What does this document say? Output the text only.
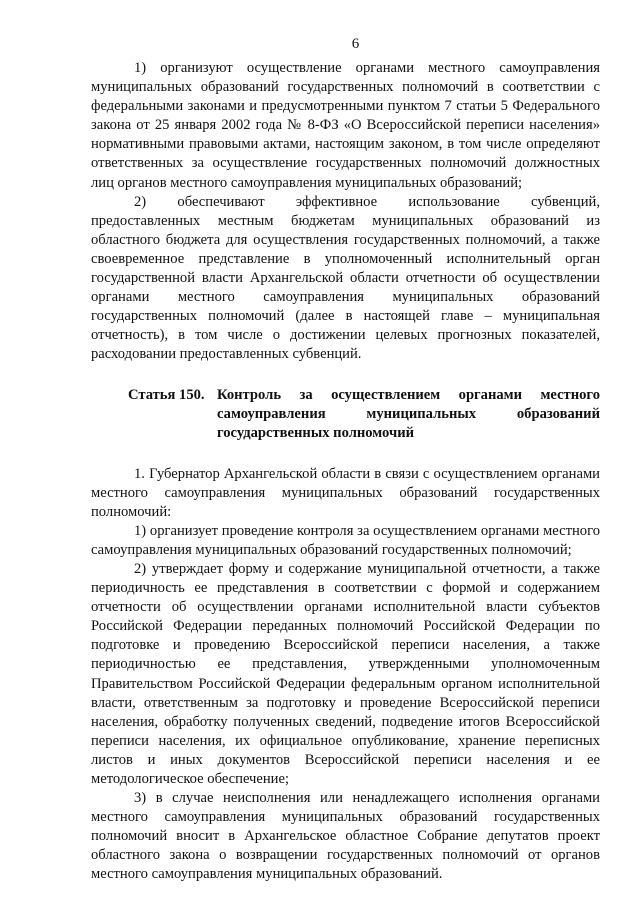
6

1) организуют осуществление органами местного самоуправления муниципальных образований государственных полномочий в соответствии с федеральными законами и предусмотренными пунктом 7 статьи 5 Федерального закона от 25 января 2002 года № 8-ФЗ «О Всероссийской переписи населения» нормативными правовыми актами, настоящим законом, в том числе определяют ответственных за осуществление государственных полномочий должностных лиц органов местного самоуправления муниципальных образований;

2) обеспечивают эффективное использование субвенций, предоставленных местным бюджетам муниципальных образований из областного бюджета для осуществления государственных полномочий, а также своевременное представление в уполномоченный исполнительный орган государственной власти Архангельской области отчетности об осуществлении органами местного самоуправления муниципальных образований государственных полномочий (далее в настоящей главе – муниципальная отчетность), в том числе о достижении целевых прогнозных показателей, расходовании предоставленных субвенций.

Статья 150. Контроль за осуществлением органами местного самоуправления муниципальных образований государственных полномочий

1. Губернатор Архангельской области в связи с осуществлением органами местного самоуправления муниципальных образований государственных полномочий:

1) организует проведение контроля за осуществлением органами местного самоуправления муниципальных образований государственных полномочий;

2) утверждает форму и содержание муниципальной отчетности, а также периодичность ее представления в соответствии с формой и содержанием отчетности об осуществлении органами исполнительной власти субъектов Российской Федерации переданных полномочий Российской Федерации по подготовке и проведению Всероссийской переписи населения, а также периодичностью ее представления, утвержденными уполномоченным Правительством Российской Федерации федеральным органом исполнительной власти, ответственным за подготовку и проведение Всероссийской переписи населения, обработку полученных сведений, подведение итогов Всероссийской переписи населения, их официальное опубликование, хранение переписных листов и иных документов Всероссийской переписи населения и ее методологическое обеспечение;

3) в случае неисполнения или ненадлежащего исполнения органами местного самоуправления муниципальных образований государственных полномочий вносит в Архангельское областное Собрание депутатов проект областного закона о возвращении государственных полномочий от органов местного самоуправления муниципальных образований.
